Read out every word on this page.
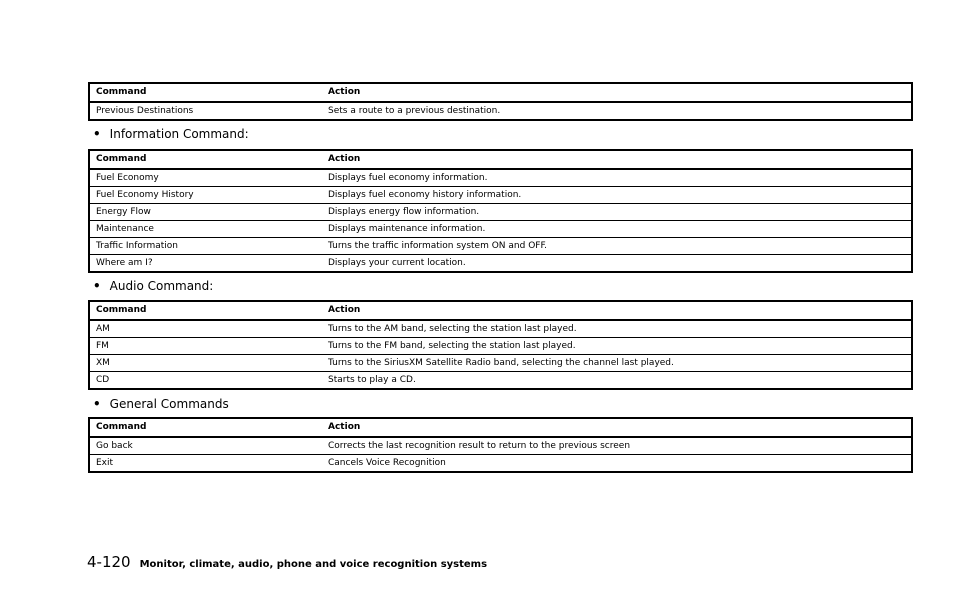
Command	Action
Previous Destinations	Sets a route to a previous destination.
• Information Command:
Command	Action
Fuel Economy	Displays fuel economy information.
Fuel Economy History	Displays fuel economy history information.
Energy Flow	Displays energy flow information.
Maintenance	Displays maintenance information.
Traffic Information	Turns the traffic information system ON and OFF.
Where am I?	Displays your current location.
• Audio Command:
Command	Action
AM	Turns to the AM band, selecting the station last played.
FM	Turns to the FM band, selecting the station last played.
XM	Turns to the SiriusXM Satellite Radio band, selecting the channel last played.
CD	Starts to play a CD.
• General Commands
Command	Action
Go back	Corrects the last recognition result to return to the previous screen
Exit	Cancels Voice Recognition
4-120 Monitor, climate, audio, phone and voice recognition systems
